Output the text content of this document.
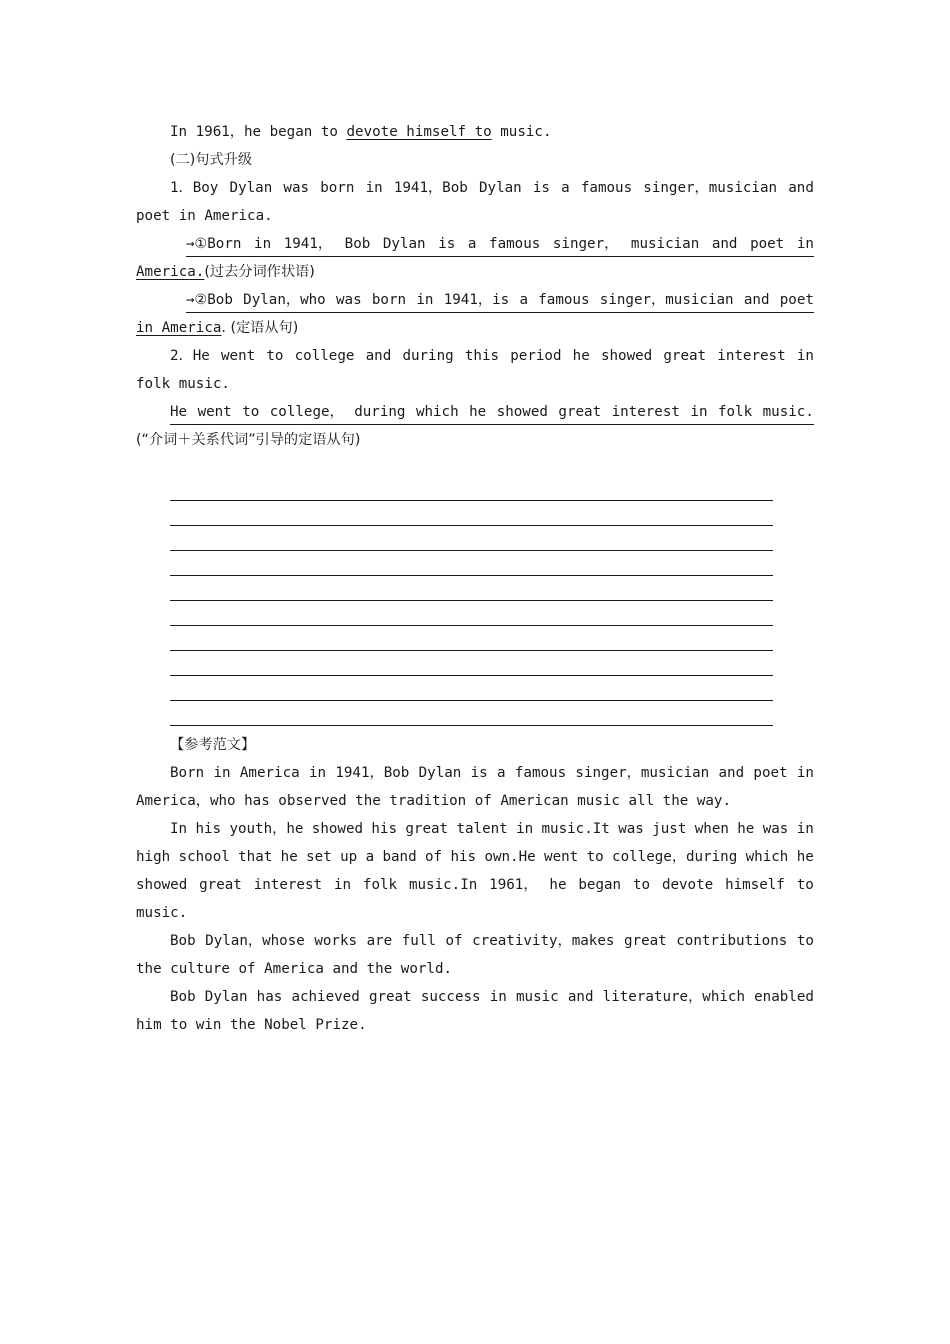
In 1961，he began to devote himself to music.
(二)句式升级
1．Boy Dylan was born in 1941，Bob Dylan is a famous singer，musician and
poet in America.
→①Born in 1941， Bob Dylan is a famous singer， musician and poet in
America.(过去分词作状语)
→②Bob Dylan，who was born in 1941，is a famous singer，musician and poet
in America. (定语从句)
2．He went to college and during this period he showed great interest in
folk music.
He went to college， during which he showed great interest in folk music.
(“介词＋关系代词”引导的定语从句)
【参考范文】
Born in America in 1941，Bob Dylan is a famous singer，musician and poet in
America，who has observed the tradition of American music all the way.
In his youth，he showed his great talent in music.It was just when he was in
high school that he set up a band of his own.He went to college，during which he
showed great interest in folk music.In 1961， he began to devote himself to
music.
Bob Dylan，whose works are full of creativity，makes great contributions to
the culture of America and the world.
Bob Dylan has achieved great success in music and literature，which enabled
him to win the Nobel Prize.
